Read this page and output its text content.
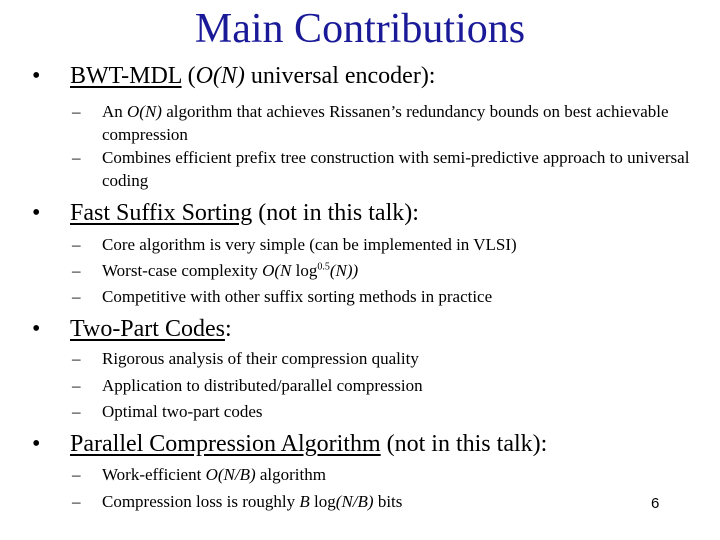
Main Contributions
• BWT-MDL (O(N) universal encoder):
–	An O(N) algorithm that achieves Rissanen’s redundancy bounds on best achievable compression
–	Combines efficient prefix tree construction with semi-predictive approach to universal coding
• Fast Suffix Sorting (not in this talk):
–	Core algorithm is very simple (can be implemented in VLSI)
–	Worst-case complexity O(N $\log^{0.5}(N)$)
–	Competitive with other suffix sorting methods in practice
• Two-Part Codes:
–	Rigorous analysis of their compression quality
–	Application to distributed/parallel compression
–	Optimal two-part codes
• Parallel Compression Algorithm (not in this talk):
–	Work-efficient O(N/B) algorithm
–	Compression loss is roughly B log(N/B) bits	6
